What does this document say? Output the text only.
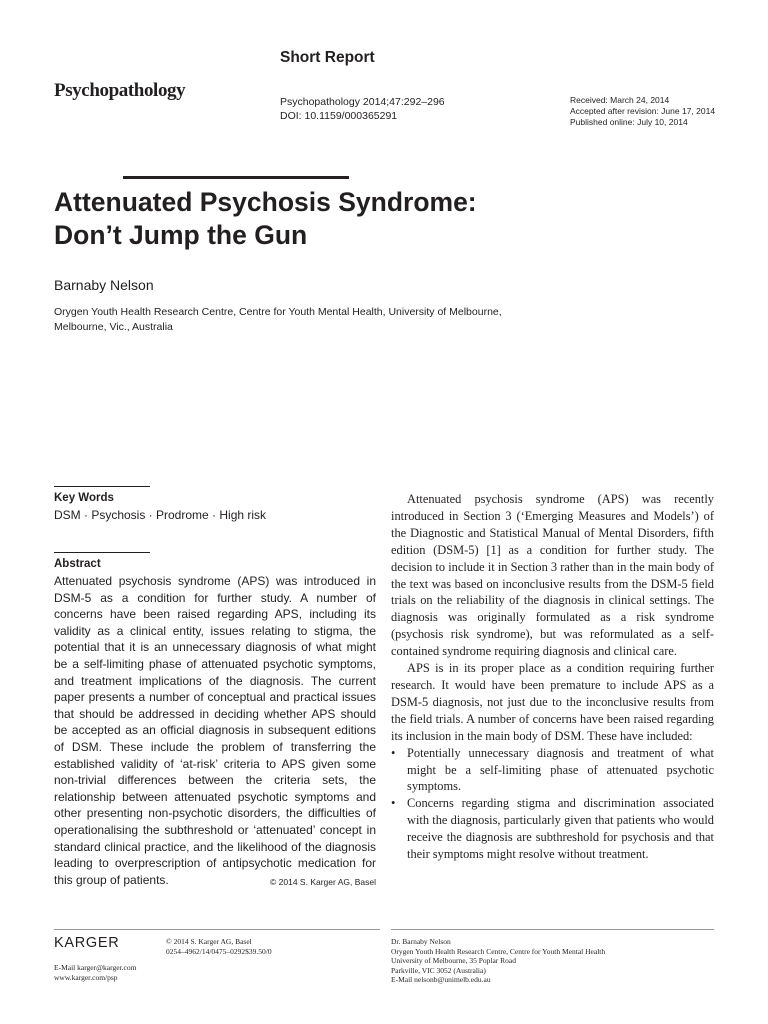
Short Report
Psychopathology
Psychopathology 2014;47:292–296
DOI: 10.1159/000365291
Received: March 24, 2014
Accepted after revision: June 17, 2014
Published online: July 10, 2014
Attenuated Psychosis Syndrome:
Don’t Jump the Gun
Barnaby Nelson
Orygen Youth Health Research Centre, Centre for Youth Mental Health, University of Melbourne, Melbourne, Vic., Australia
Key Words
DSM · Psychosis · Prodrome · High risk
Abstract
Attenuated psychosis syndrome (APS) was introduced in DSM-5 as a condition for further study. A number of concerns have been raised regarding APS, including its validity as a clinical entity, issues relating to stigma, the potential that it is an unnecessary diagnosis of what might be a self-limiting phase of attenuated psychotic symptoms, and treatment implications of the diagnosis. The current paper presents a number of conceptual and practical issues that should be addressed in deciding whether APS should be accepted as an official diagnosis in subsequent editions of DSM. These include the problem of transferring the established validity of ‘at-risk’ criteria to APS given some non-trivial differences between the criteria sets, the relationship between attenuated psychotic symptoms and other presenting non-psychotic disorders, the difficulties of operationalising the subthreshold or ‘attenuated’ concept in standard clinical practice, and the likelihood of the diagnosis leading to overprescription of antipsychotic medication for this group of patients.	© 2014 S. Karger AG, Basel

Attenuated psychosis syndrome (APS) was recently introduced in Section 3 (‘Emerging Measures and Models’) of the Diagnostic and Statistical Manual of Mental Disorders, fifth edition (DSM-5) [1] as a condition for further study. The decision to include it in Section 3 rather than in the main body of the text was based on inconclusive results from the DSM-5 field trials on the reliability of the diagnosis in clinical settings. The diagnosis was originally formulated as a risk syndrome (psychosis risk syndrome), but was reformulated as a self-contained syndrome requiring diagnosis and clinical care.

APS is in its proper place as a condition requiring further research. It would have been premature to include APS as a DSM-5 diagnosis, not just due to the inconclusive results from the field trials. A number of concerns have been raised regarding its inclusion in the main body of DSM. These have included:

• Potentially unnecessary diagnosis and treatment of what might be a self-limiting phase of attenuated psychotic symptoms.
• Concerns regarding stigma and discrimination associated with the diagnosis, particularly given that patients who would receive the diagnosis are subthreshold for psychosis and that their symptoms might resolve without treatment.
KARGER	© 2014 S. Karger AG, Basel
0254–4962/14/0475–0292$39.50/0
E-Mail karger@karger.com
www.karger.com/psp
Dr. Barnaby Nelson
Orygen Youth Health Research Centre, Centre for Youth Mental Health
University of Melbourne, 35 Poplar Road
Parkville, VIC 3052 (Australia)
E-Mail nelsonb@unimelb.edu.au
